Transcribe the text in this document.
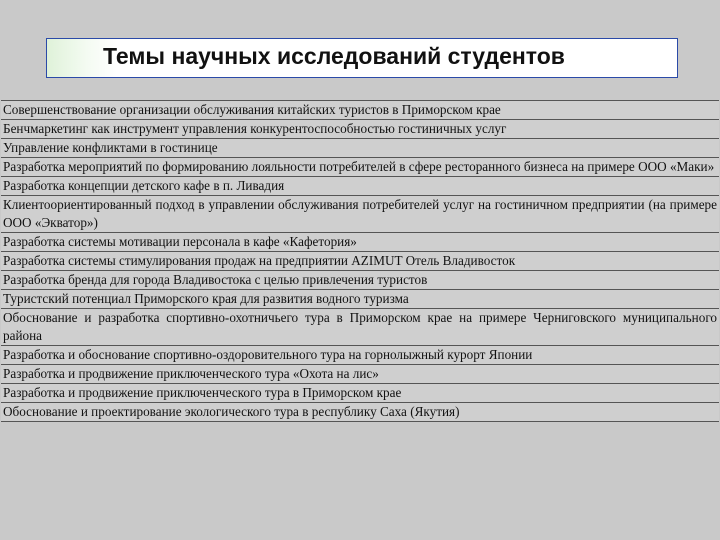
Темы научных исследований студентов
Совершенствование организации обслуживания китайских туристов в Приморском крае
Бенчмаркетинг как инструмент управления конкурентоспособностью гостиничных услуг
Управление конфликтами в гостинице
Разработка мероприятий по формированию лояльности потребителей в сфере ресторанного бизнеса на примере ООО «Маки»
Разработка концепции детского кафе в п. Ливадия
Клиентоориентированный подход в управлении обслуживания потребителей услуг на гостиничном предприятии (на примере ООО «Экватор»)
Разработка системы мотивации персонала в кафе «Кафетория»
Разработка системы стимулирования продаж на предприятии AZIMUT Отель Владивосток
Разработка бренда для города Владивостока с целью привлечения туристов
Туристский потенциал Приморского края для развития водного туризма
Обоснование и разработка спортивно-охотничьего тура в Приморском крае на примере Черниговского муниципального района
Разработка и обоснование спортивно-оздоровительного тура на горнолыжный курорт Японии
Разработка и продвижение приключенческого тура «Охота на лис»
Разработка и продвижение приключенческого тура в Приморском крае
Обоснование и проектирование экологического тура в республику Саха (Якутия)
